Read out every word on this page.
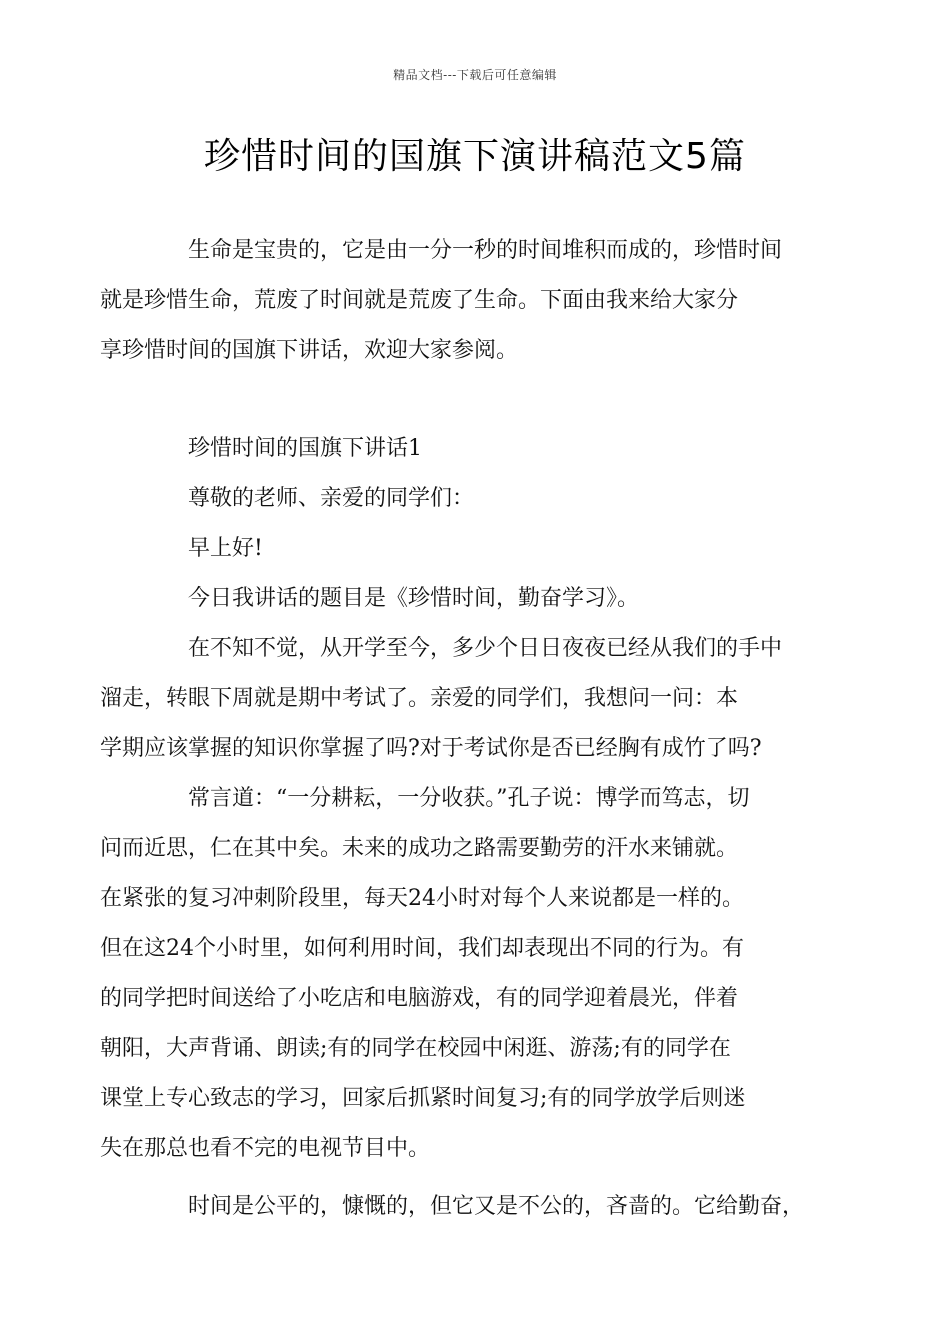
精品文档---下载后可任意编辑
珍惜时间的国旗下演讲稿范文5篇

生命是宝贵的，它是由一分一秒的时间堆积而成的，珍惜时间
就是珍惜生命，荒废了时间就是荒废了生命。下面由我来给大家分
享珍惜时间的国旗下讲话，欢迎大家参阅。

珍惜时间的国旗下讲话1

尊敬的老师、亲爱的同学们：

早上好!

今日我讲话的题目是《珍惜时间，勤奋学习》。

在不知不觉，从开学至今，多少个日日夜夜已经从我们的手中
溜走，转眼下周就是期中考试了。亲爱的同学们，我想问一问：本
学期应该掌握的知识你掌握了吗?对于考试你是否已经胸有成竹了吗?

常言道：“一分耕耘，一分收获。”孔子说：博学而笃志，切
问而近思，仁在其中矣。未来的成功之路需要勤劳的汗水来铺就。
在紧张的复习冲刺阶段里，每天24小时对每个人来说都是一样的。
但在这24个小时里，如何利用时间，我们却表现出不同的行为。有
的同学把时间送给了小吃店和电脑游戏，有的同学迎着晨光，伴着
朝阳，大声背诵、朗读;有的同学在校园中闲逛、游荡;有的同学在
课堂上专心致志的学习，回家后抓紧时间复习;有的同学放学后则迷
失在那总也看不完的电视节目中。

时间是公平的，慷慨的，但它又是不公的，吝啬的。它给勤奋，
